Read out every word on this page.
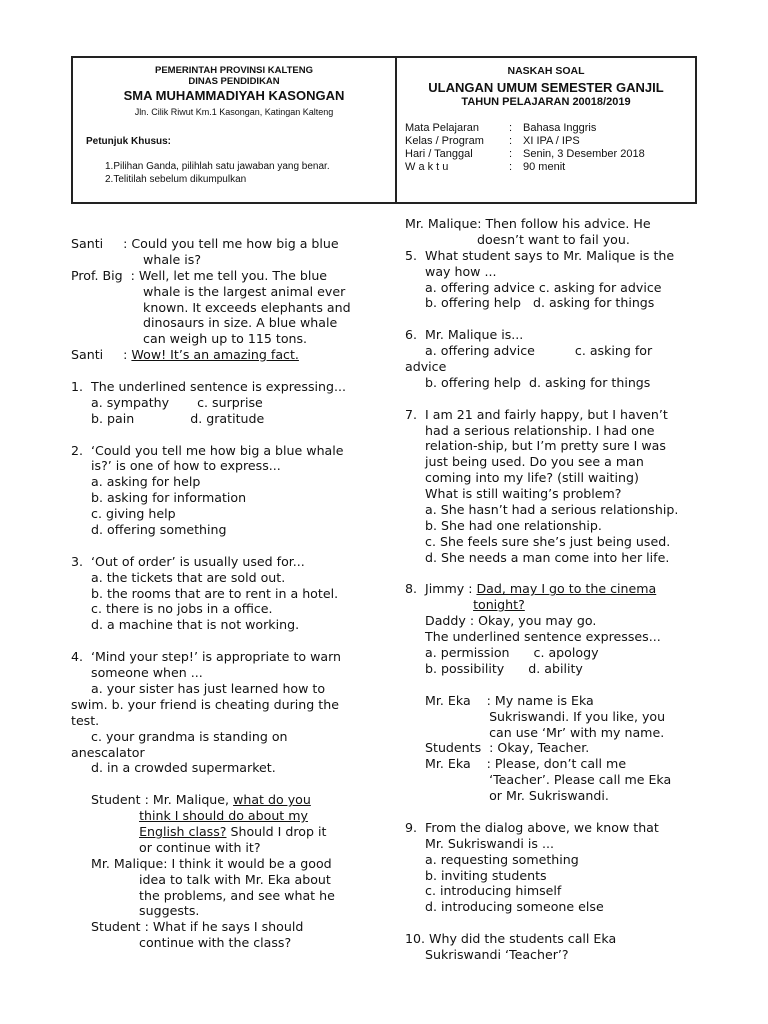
PEMERINTAH PROVINSI KALTENG
DINAS PENDIDIKAN
SMA MUHAMMADIYAH KASONGAN
Jln. Cilik Riwut Km.1 Kasongan, Katingan Kalteng
Petunjuk Khusus:
1.Pilihan Ganda, pilihlah satu jawaban yang benar.
2.Telitilah sebelum dikumpulkan
NASKAH SOAL
ULANGAN UMUM SEMESTER GANJIL
TAHUN PELAJARAN 20018/2019
Mata Pelajaran	: Bahasa Inggris
Kelas / Program	: XI IPA / IPS
Hari / Tanggal	: Senin, 3 Desember 2018
W a k t u	: 90 menit
Santi     : Could you tell me how big a blue
whale is?
Prof. Big  : Well, let me tell you. The blue
whale is the largest animal ever
known. It exceeds elephants and
dinosaurs in size. A blue whale
can weigh up to 115 tons.
Santi     : Wow! It’s an amazing fact.
1.  The underlined sentence is expressing...
a. sympathy       c. surprise
b. pain              d. gratitude
2.  ‘Could you tell me how big a blue whale
is?’ is one of how to express...
a. asking for help
b. asking for information
c. giving help
d. offering something
3.  ‘Out of order’ is usually used for...
a. the tickets that are sold out.
b. the rooms that are to rent in a hotel.
c. there is no jobs in a office.
d. a machine that is not working.
4.  ‘Mind your step!’ is appropriate to warn
someone when ...
a. your sister has just learned how to
swim. b. your friend is cheating during the
test.
c. your grandma is standing on
anescalator
d. in a crowded supermarket.
Student : Mr. Malique, what do you
think I should do about my
English class? Should I drop it
or continue with it?
Mr. Malique: I think it would be a good
idea to talk with Mr. Eka about
the problems, and see what he
suggests.
Student : What if he says I should
continue with the class?
Mr. Malique: Then follow his advice. He
doesn’t want to fail you.
5.  What student says to Mr. Malique is the
way how ...
a. offering advice c. asking for advice
b. offering help   d. asking for things
6.  Mr. Malique is...
a. offering advice          c. asking for
advice
b. offering help  d. asking for things
7.  I am 21 and fairly happy, but I haven’t
had a serious relationship. I had one
relation-ship, but I’m pretty sure I was
just being used. Do you see a man
coming into my life? (still waiting)
What is still waiting’s problem?
a. She hasn’t had a serious relationship.
b. She had one relationship.
c. She feels sure she’s just being used.
d. She needs a man come into her life.
8.  Jimmy : Dad, may I go to the cinema
tonight?
Daddy : Okay, you may go.
The underlined sentence expresses...
a. permission      c. apology
b. possibility      d. ability
Mr. Eka    : My name is Eka
Sukriswandi. If you like, you
can use ‘Mr’ with my name.
Students  : Okay, Teacher.
Mr. Eka    : Please, don’t call me
‘Teacher’. Please call me Eka
or Mr. Sukriswandi.
9.  From the dialog above, we know that
Mr. Sukriswandi is ...
a. requesting something
b. inviting students
c. introducing himself
d. introducing someone else
10. Why did the students call Eka
Sukriswandi ‘Teacher’?
